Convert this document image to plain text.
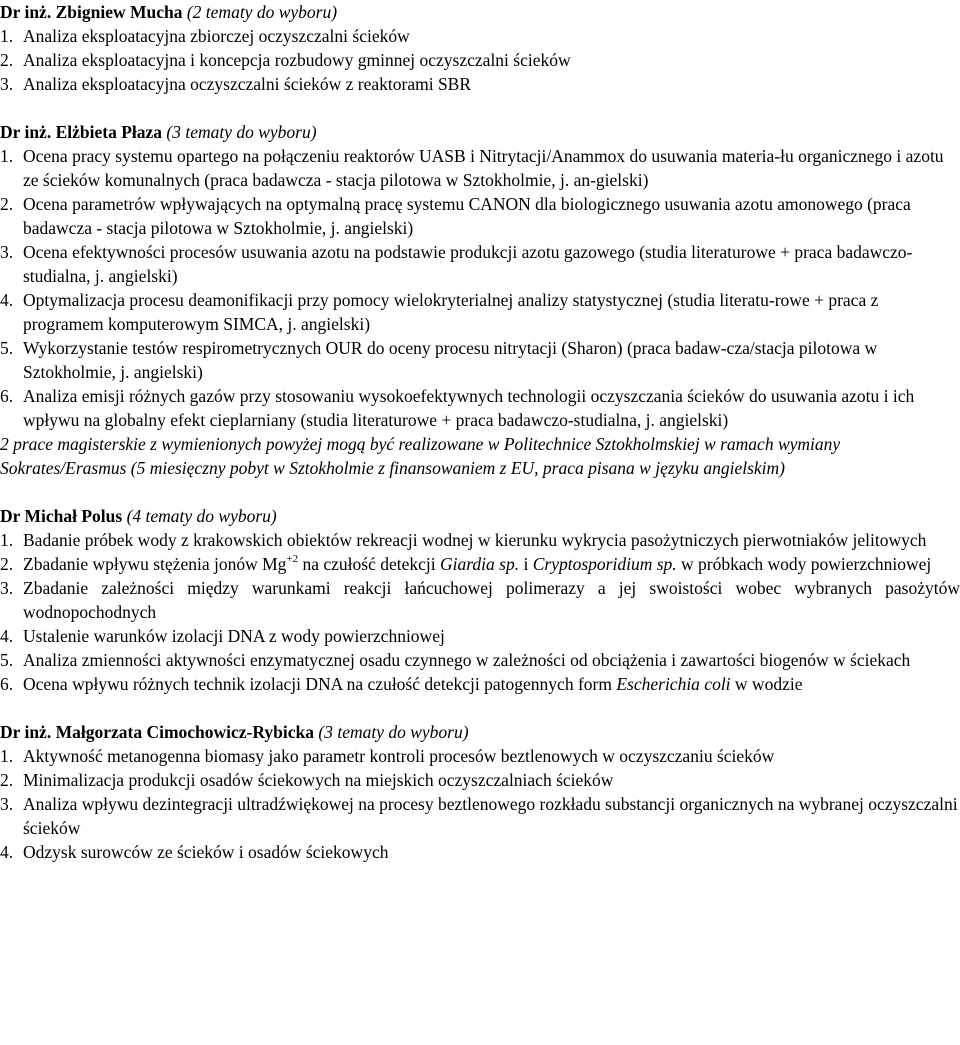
Dr inż. Zbigniew Mucha (2 tematy do wyboru)
1. Analiza eksploatacyjna zbiorczej oczyszczalni ścieków
2. Analiza eksploatacyjna i koncepcja rozbudowy gminnej oczyszczalni ścieków
3. Analiza eksploatacyjna oczyszczalni ścieków z reaktorami SBR
Dr inż. Elżbieta Płaza (3 tematy do wyboru)
1. Ocena pracy systemu opartego na połączeniu reaktorów UASB i Nitrytacji/Anammox do usuwania materia-łu organicznego i azotu ze ścieków komunalnych (praca badawcza - stacja pilotowa w Sztokholmie, j. an-gielski)
2. Ocena parametrów wpływających na optymalną pracę systemu CANON dla biologicznego usuwania azotu amonowego (praca badawcza - stacja pilotowa w Sztokholmie, j. angielski)
3. Ocena efektywności procesów usuwania azotu na podstawie produkcji azotu gazowego (studia literaturowe + praca badawczo-studialna, j. angielski)
4. Optymalizacja procesu deamonifikacji przy pomocy wielokryterialnej analizy statystycznej (studia literatu-rowe + praca z programem komputerowym SIMCA, j. angielski)
5. Wykorzystanie testów respirometrycznych OUR do oceny procesu nitrytacji (Sharon) (praca badaw-cza/stacja pilotowa w Sztokholmie, j. angielski)
6. Analiza emisji różnych gazów przy stosowaniu wysokoefektywnych technologii oczyszczania ścieków do usuwania azotu i ich wpływu na globalny efekt cieplarniany (studia literaturowe + praca badawczo-studialna, j. angielski)
2 prace magisterskie z wymienionych powyżej mogą być realizowane w Politechnice Sztokholmskiej w ramach wymiany Sokrates/Erasmus (5 miesięczny pobyt w Sztokholmie z finansowaniem z EU, praca pisana w języku angielskim)
Dr Michał Polus (4 tematy do wyboru)
1. Badanie próbek wody z krakowskich obiektów rekreacji wodnej w kierunku wykrycia pasożytniczych pierwotniaków jelitowych
2. Zbadanie wpływu stężenia jonów $Mg^{+2}$ na czułość detekcji Giardia sp. i Cryptosporidium sp. w próbkach wody powierzchniowej
3. Zbadanie zależności między warunkami reakcji łańcuchowej polimerazy a jej swoistości wobec wybranych pasożytów wodnopochodnych
4. Ustalenie warunków izolacji DNA z wody powierzchniowej
5. Analiza zmienności aktywności enzymatycznej osadu czynnego w zależności od obciążenia i zawartości biogenów w ściekach
6. Ocena wpływu różnych technik izolacji DNA na czułość detekcji patogennych form Escherichia coli w wodzie
Dr inż. Małgorzata Cimochowicz-Rybicka (3 tematy do wyboru)
1. Aktywność metanogenna biomasy jako parametr kontroli procesów beztlenowych w oczyszczaniu ścieków
2. Minimalizacja produkcji osadów ściekowych na miejskich oczyszczalniach ścieków
3. Analiza wpływu dezintegracji ultradźwiękowej na procesy beztlenowego rozkładu substancji organicznych na wybranej oczyszczalni ścieków
4. Odzysk surowców ze ścieków i osadów ściekowych
